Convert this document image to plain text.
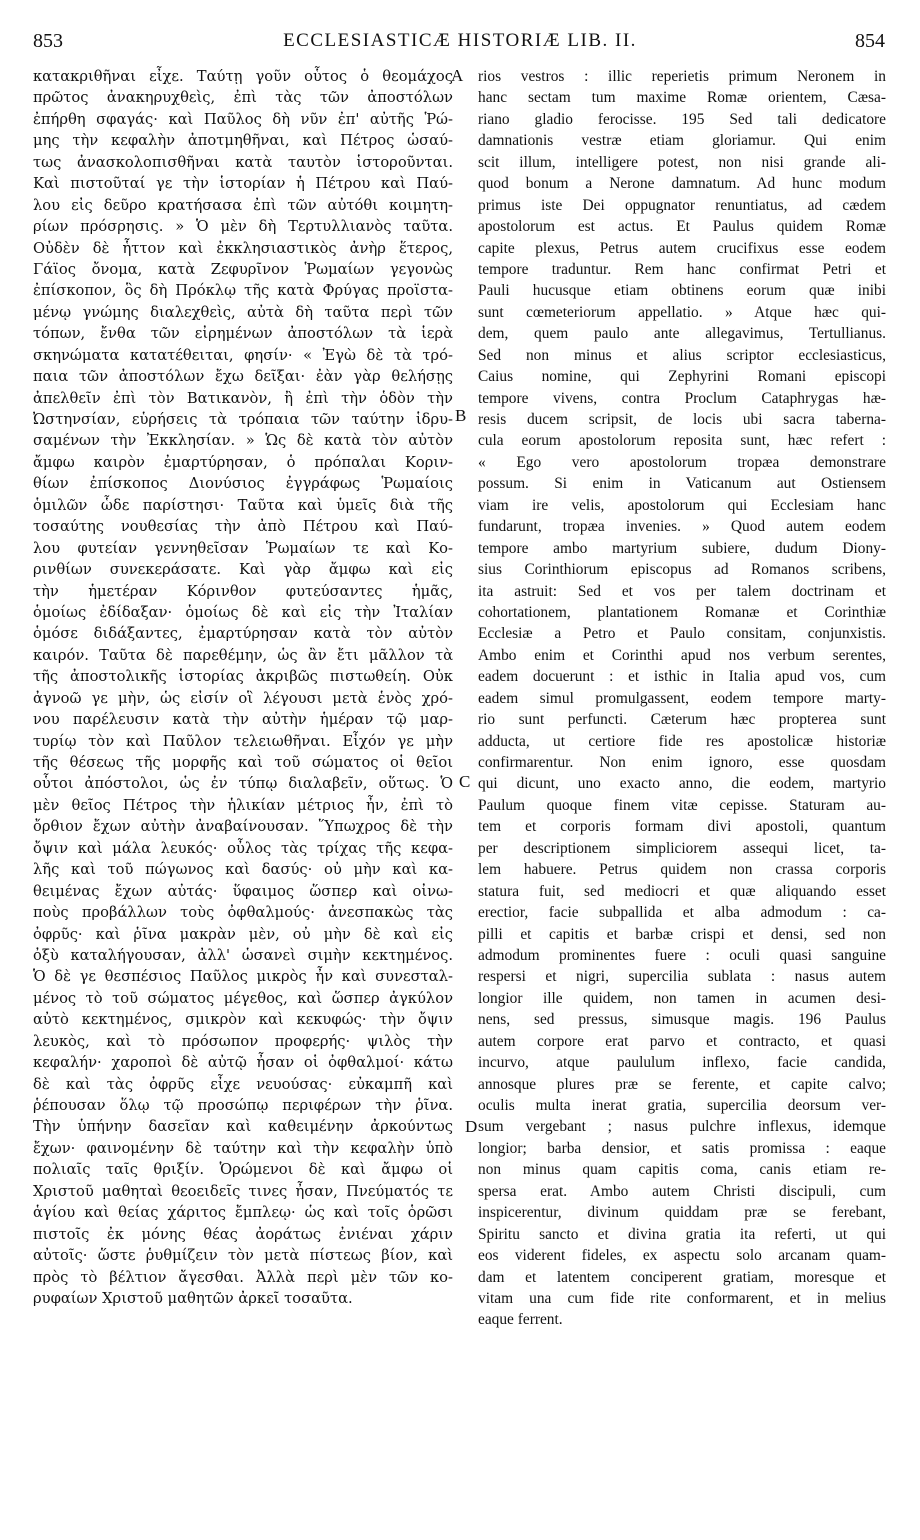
853	ECCLESIASTICÆ HISTORIÆ LIB. II.	854
κατακριθῆναι εἶχε. Ταύτῃ γοῦν οὗτος ὁ θεομάχος
πρῶτος ἀνακηρυχθεὶς, ἐπὶ τὰς τῶν ἀποστόλων
ἐπήρθη σφαγάς· καὶ Παῦλος δὴ νῦν ἐπ' αὐτῆς Ῥώ-
μης τὴν κεφαλὴν ἀποτμηθῆναι, καὶ Πέτρος ὡσαύ-
τως ἀνασκολοπισθῆναι κατὰ ταυτὸν ἱστοροῦνται.
Καὶ πιστοῦταί γε τὴν ἱστορίαν ἡ Πέτρου καὶ Παύ-
λου εἰς δεῦρο κρατήσασα ἐπὶ τῶν αὐτόθι κοιμητη-
ρίων πρόσρησις. » Ὁ μὲν δὴ Τερτυλλιανὸς ταῦτα.
Οὐδὲν δὲ ἧττον καὶ ἐκκλησιαστικὸς ἀνὴρ ἕτερος,
Γάϊος ὄνομα, κατὰ Ζεφυρῖνον Ῥωμαίων γεγονὼς
ἐπίσκοπον, ὃς δὴ Πρόκλῳ τῆς κατὰ Φρύγας προϊστα-
μένῳ γνώμης διαλεχθεὶς, αὐτὰ δὴ ταῦτα περὶ τῶν
τόπων, ἔνθα τῶν εἰρημένων ἀποστόλων τὰ ἱερὰ
σκηνώματα κατατέθειται, φησίν· « Ἐγὼ δὲ τὰ τρό-
παια τῶν ἀποστόλων ἔχω δεῖξαι· ἐὰν γὰρ θελήσῃς
ἀπελθεῖν ἐπὶ τὸν Βατικανὸν, ἢ ἐπὶ τὴν ὁδὸν τὴν
Ὠστηνσίαν, εὑρήσεις τὰ τρόπαια τῶν ταύτην ἱδρυ-
σαμένων τὴν Ἐκκλησίαν. » Ὡς δὲ κατὰ τὸν αὐτὸν
ἄμφω καιρὸν ἐμαρτύρησαν, ὁ πρόπαλαι Κοριν-
θίων ἐπίσκοπος Διονύσιος ἐγγράφως Ῥωμαίοις
ὁμιλῶν ὧδε παρίστησι· Ταῦτα καὶ ὑμεῖς διὰ τῆς
τοσαύτης νουθεσίας τὴν ἀπὸ Πέτρου καὶ Παύ-
λου φυτείαν γεννηθεῖσαν Ῥωμαίων τε καὶ Κο-
ρινθίων συνεκεράσατε. Καὶ γὰρ ἄμφω καὶ εἰς
τὴν ἡμετέραν Κόρινθον φυτεύσαντες ἡμᾶς,
ὁμοίως ἐδίδαξαν· ὁμοίως δὲ καὶ εἰς τὴν Ἰταλίαν
ὁμόσε διδάξαντες, ἐμαρτύρησαν κατὰ τὸν αὐτὸν
καιρόν. Ταῦτα δὲ παρεθέμην, ὡς ἂν ἔτι μᾶλλον τὰ
τῆς ἀποστολικῆς ἱστορίας ἀκριβῶς πιστωθείη. Οὐκ
ἀγνοῶ γε μὴν, ὡς εἰσίν οἳ λέγουσι μετὰ ἑνὸς χρό-
νου παρέλευσιν κατὰ τὴν αὐτὴν ἡμέραν τῷ μαρ-
τυρίῳ τὸν καὶ Παῦλον τελειωθῆναι. Εἶχόν γε μὴν
τῆς θέσεως τῆς μορφῆς καὶ τοῦ σώματος οἱ θεῖοι
οὗτοι ἀπόστολοι, ὡς ἐν τύπῳ διαλαβεῖν, οὕτως. Ὁ
μὲν θεῖος Πέτρος τὴν ἡλικίαν μέτριος ἦν, ἐπὶ τὸ
ὄρθιον ἔχων αὐτὴν ἀναβαίνουσαν. Ὕπωχρος δὲ τὴν
ὄψιν καὶ μάλα λευκός· οὖλος τὰς τρίχας τῆς κεφα-
λῆς καὶ τοῦ πώγωνος καὶ δασύς· οὐ μὴν καὶ κα-
θειμένας ἔχων αὐτάς· ὕφαιμος ὥσπερ καὶ οἰνω-
ποὺς προβάλλων τοὺς ὀφθαλμούς· ἀνεσπακὼς τὰς
ὀφρῦς· καὶ ῥῖνα μακρὰν μὲν, οὐ μὴν δὲ καὶ εἰς
ὀξὺ καταλήγουσαν, ἀλλ' ὡσανεὶ σιμὴν κεκτημένος.
Ὁ δὲ γε θεσπέσιος Παῦλος μικρὸς ἦν καὶ συνεσταλ-
μένος τὸ τοῦ σώματος μέγεθος, καὶ ὥσπερ ἀγκύλον
αὐτὸ κεκτημένος, σμικρὸν καὶ κεκυφώς· τὴν ὄψιν
λευκὸς, καὶ τὸ πρόσωπον προφερής· ψιλὸς τὴν
κεφαλήν· χαροποὶ δὲ αὐτῷ ἦσαν οἱ ὀφθαλμοί· κάτω
δὲ καὶ τὰς ὀφρῦς εἶχε νευούσας· εὐκαμπῆ καὶ
ῥέπουσαν ὅλῳ τῷ προσώπῳ περιφέρων τὴν ῥῖνα.
Τὴν ὑπήνην δασεῖαν καὶ καθειμένην ἀρκούντως
ἔχων· φαινομένην δὲ ταύτην καὶ τὴν κεφαλὴν ὑπὸ
πολιαῖς ταῖς θριξίν. Ὁρώμενοι δὲ καὶ ἄμφω οἱ
Χριστοῦ μαθηταὶ θεοειδεῖς τινες ἦσαν, Πνεύματός τε
ἁγίου καὶ θείας χάριτος ἔμπλεῳ· ὡς καὶ τοῖς ὁρῶσι
πιστοῖς ἐκ μόνης θέας ἀοράτως ἐνιέναι χάριν
αὐτοῖς· ὥστε ῥυθμίζειν τὸν μετὰ πίστεως βίον, καὶ
πρὸς τὸ βέλτιον ἄγεσθαι. Ἀλλὰ περὶ μὲν τῶν κο-
ρυφαίων Χριστοῦ μαθητῶν ἀρκεῖ τοσαῦτα.
rios vestros : illic reperietis primum Neronem in
hanc sectam tum maxime Romæ orientem, Cæsa-
riano gladio ferocisse. 195 Sed tali dedicatore
damnationis vestræ etiam gloriamur. Qui enim
scit illum, intelligere potest, non nisi grande ali-
quod bonum a Nerone damnatum. Ad hunc modum
primus iste Dei oppugnator renuntiatus, ad cædem
apostolorum est actus. Et Paulus quidem Romæ
capite plexus, Petrus autem crucifixus esse eodem
tempore traduntur. Rem hanc confirmat Petri et
Pauli hucusque etiam obtinens eorum quæ inibi
sunt cœmeteriorum appellatio. » Atque hæc qui-
dem, quem paulo ante allegavimus, Tertullianus.
Sed non minus et alius scriptor ecclesiasticus,
Caius nomine, qui Zephyrini Romani episcopi
tempore vivens, contra Proclum Cataphrygas hæ-
resis ducem scripsit, de locis ubi sacra taberna-
cula eorum apostolorum reposita sunt, hæc refert :
« Ego vero apostolorum tropæa demonstrare
possum. Si enim in Vaticanum aut Ostiensem
viam ire velis, apostolorum qui Ecclesiam hanc
fundarunt, tropæa invenies. » Quod autem eodem
tempore ambo martyrium subiere, dudum Diony-
sius Corinthiorum episcopus ad Romanos scribens,
ita astruit: Sed et vos per talem doctrinam et
cohortationem, plantationem Romanæ et Corinthiæ
Ecclesiæ a Petro et Paulo consitam, conjunxistis.
Ambo enim et Corinthi apud nos verbum serentes,
eadem docuerunt : et isthic in Italia apud vos, cum
eadem simul promulgassent, eodem tempore marty-
rio sunt perfuncti. Cæterum hæc propterea sunt
adducta, ut certiore fide res apostolicæ historiæ
confirmarentur. Non enim ignoro, esse quosdam
qui dicunt, uno exacto anno, die eodem, martyrio
Paulum quoque finem vitæ cepisse. Staturam au-
tem et corporis formam divi apostoli, quantum
per descriptionem simpliciorem assequi licet, ta-
lem habuere. Petrus quidem non crassa corporis
statura fuit, sed mediocri et quæ aliquando esset
erectior, facie subpallida et alba admodum : ca-
pilli et capitis et barbæ crispi et densi, sed non
admodum prominentes fuere : oculi quasi sanguine
respersi et nigri, supercilia sublata : nasus autem
longior ille quidem, non tamen in acumen desi-
nens, sed pressus, simusque magis. 196 Paulus
autem corpore erat parvo et contracto, et quasi
incurvo, atque paululum inflexo, facie candida,
annosque plures præ se ferente, et capite calvo;
oculis multa inerat gratia, supercilia deorsum ver-
sum vergebant ; nasus pulchre inflexus, idemque
longior; barba densior, et satis promissa : eaque
non minus quam capitis coma, canis etiam re-
spersa erat. Ambo autem Christi discipuli, cum
inspicerentur, divinum quiddam præ se ferebant,
Spiritu sancto et divina gratia ita referti, ut qui
eos viderent fideles, ex aspectu solo arcanam quam-
dam et latentem conciperent gratiam, moresque et
vitam una cum fide rite conformarent, et in melius
eaque ferrent.
A
B
C
D
